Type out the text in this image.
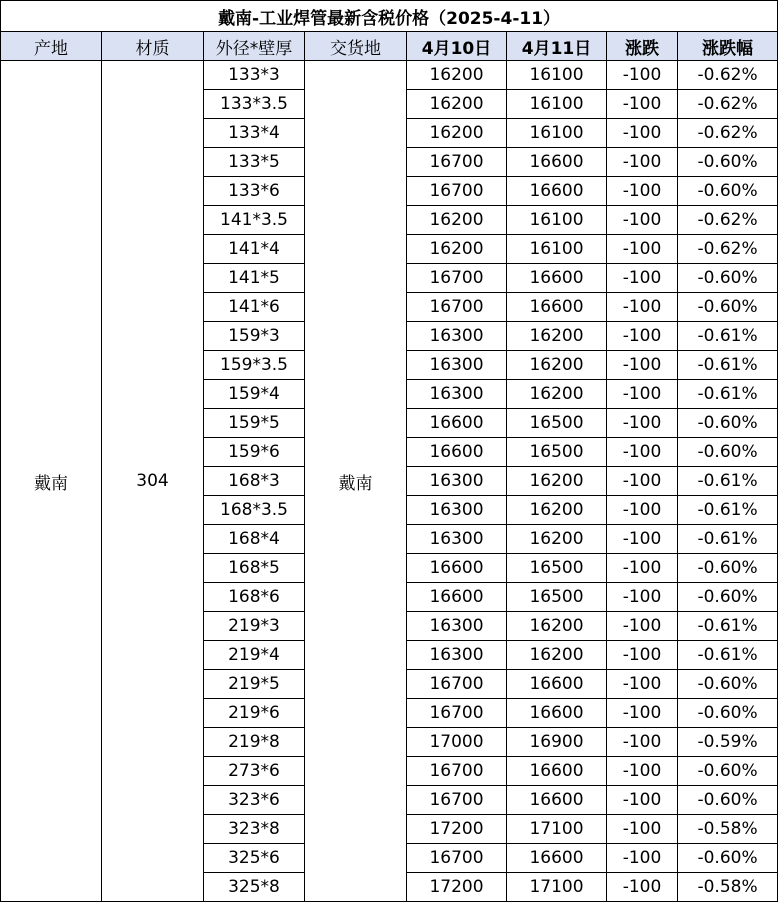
戴南-工业焊管最新含税价格（2025-4-11）							
产地	材质	外径*壁厚	交货地	4月10日	4月11日	涨跌	涨跌幅
戴南	304	133*3	戴南	16200	16100	-100	-0.62%
		133*3.5		16200	16100	-100	-0.62%
		133*4		16200	16100	-100	-0.62%
		133*5		16700	16600	-100	-0.60%
		133*6		16700	16600	-100	-0.60%
		141*3.5		16200	16100	-100	-0.62%
		141*4		16200	16100	-100	-0.62%
		141*5		16700	16600	-100	-0.60%
		141*6		16700	16600	-100	-0.60%
		159*3		16300	16200	-100	-0.61%
		159*3.5		16300	16200	-100	-0.61%
		159*4		16300	16200	-100	-0.61%
		159*5		16600	16500	-100	-0.60%
		159*6		16600	16500	-100	-0.60%
		168*3		16300	16200	-100	-0.61%
		168*3.5		16300	16200	-100	-0.61%
		168*4		16300	16200	-100	-0.61%
		168*5		16600	16500	-100	-0.60%
		168*6		16600	16500	-100	-0.60%
		219*3		16300	16200	-100	-0.61%
		219*4		16300	16200	-100	-0.61%
		219*5		16700	16600	-100	-0.60%
		219*6		16700	16600	-100	-0.60%
		219*8		17000	16900	-100	-0.59%
		273*6		16700	16600	-100	-0.60%
		323*6		16700	16600	-100	-0.60%
		323*8		17200	17100	-100	-0.58%
		325*6		16700	16600	-100	-0.60%
		325*8		17200	17100	-100	-0.58%
